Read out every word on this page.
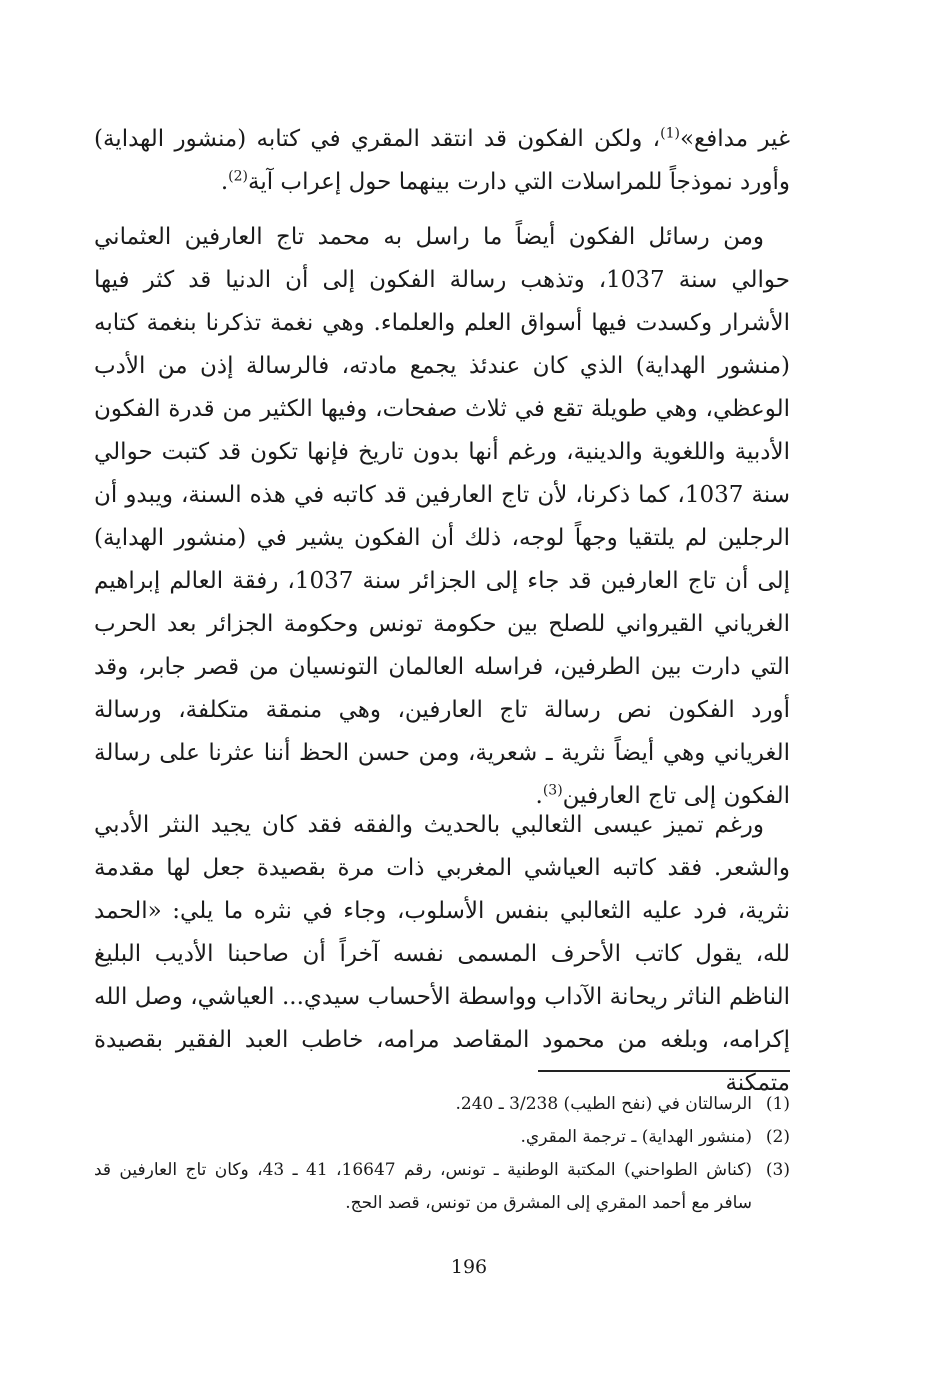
غير مدافع»$^{(1)}$، ولكن الفكون قد انتقد المقري في كتابه (منشور الهداية) وأورد نموذجاً للمراسلات التي دارت بينهما حول إعراب آية$^{(2)}$.

ومن رسائل الفكون أيضاً ما راسل به محمد تاج العارفين العثماني حوالي سنة 1037، وتذهب رسالة الفكون إلى أن الدنيا قد كثر فيها الأشرار وكسدت فيها أسواق العلم والعلماء. وهي نغمة تذكرنا بنغمة كتابه (منشور الهداية) الذي كان عندئذ يجمع مادته، فالرسالة إذن من الأدب الوعظي، وهي طويلة تقع في ثلاث صفحات، وفيها الكثير من قدرة الفكون الأدبية واللغوية والدينية، ورغم أنها بدون تاريخ فإنها تكون قد كتبت حوالي سنة 1037، كما ذكرنا، لأن تاج العارفين قد كاتبه في هذه السنة، ويبدو أن الرجلين لم يلتقيا وجهاً لوجه، ذلك أن الفكون يشير في (منشور الهداية) إلى أن تاج العارفين قد جاء إلى الجزائر سنة 1037، رفقة العالم إبراهيم الغرياني القيرواني للصلح بين حكومة تونس وحكومة الجزائر بعد الحرب التي دارت بين الطرفين، فراسله العالمان التونسيان من قصر جابر، وقد أورد الفكون نص رسالة تاج العارفين، وهي منمقة متكلفة، ورسالة الغرياني وهي أيضاً نثرية ـ شعرية، ومن حسن الحظ أننا عثرنا على رسالة الفكون إلى تاج العارفين$^{(3)}$.

ورغم تميز عيسى الثعالبي بالحديث والفقه فقد كان يجيد النثر الأدبي والشعر. فقد كاتبه العياشي المغربي ذات مرة بقصيدة جعل لها مقدمة نثرية، فرد عليه الثعالبي بنفس الأسلوب، وجاء في نثره ما يلي: «الحمد لله، يقول كاتب الأحرف المسمى نفسه آخراً أن صاحبنا الأديب البليغ الناظم الناثر ريحانة الآداب وواسطة الأحساب سيدي... العياشي، وصل الله إكرامه، وبلغه من محمود المقاصد مرامه، خاطب العبد الفقير بقصيدة متمكنة

(1)
الرسالتان في (نفح الطيب) 3/238 ـ 240.
(2)
(منشور الهداية) ـ ترجمة المقري.
(3)
(كناش الطواحني) المكتبة الوطنية ـ تونس، رقم 16647، 41 ـ 43، وكان تاج العارفين قد سافر مع أحمد المقري إلى المشرق من تونس، قصد الحج.
196
